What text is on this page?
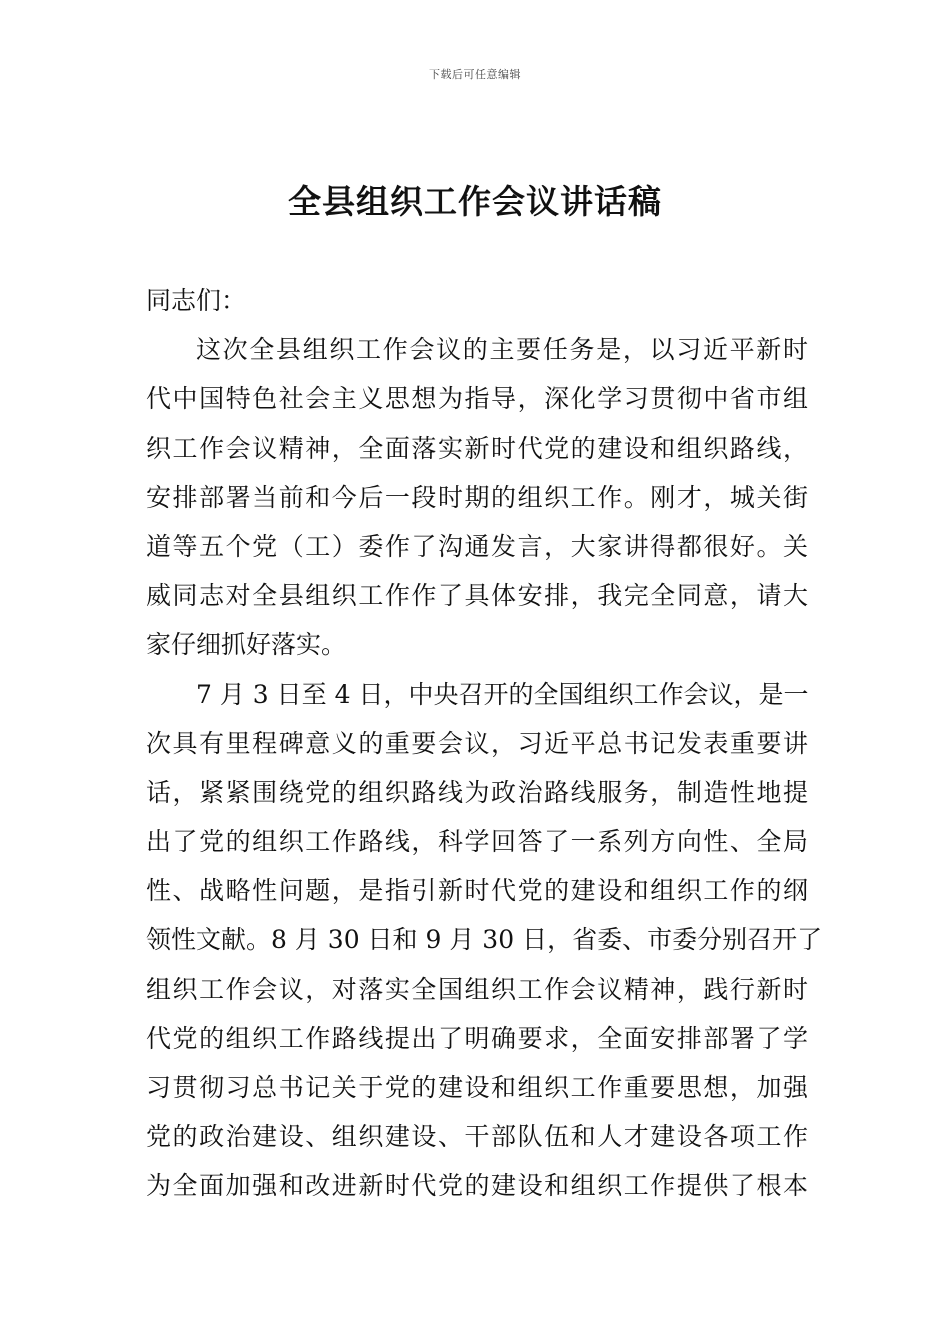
下载后可任意编辑
全县组织工作会议讲话稿
同志们：
这次全县组织工作会议的主要任务是，以习近平新时
代中国特色社会主义思想为指导，深化学习贯彻中省市组
织工作会议精神，全面落实新时代党的建设和组织路线，
安排部署当前和今后一段时期的组织工作。刚才，城关街
道等五个党（工）委作了沟通发言，大家讲得都很好。关
威同志对全县组织工作作了具体安排，我完全同意，请大
家仔细抓好落实。
7 月 3 日至 4 日，中央召开的全国组织工作会议，是一
次具有里程碑意义的重要会议，习近平总书记发表重要讲
话，紧紧围绕党的组织路线为政治路线服务，制造性地提
出了党的组织工作路线，科学回答了一系列方向性、全局
性、战略性问题，是指引新时代党的建设和组织工作的纲
领性文献。8 月 30 日和 9 月 30 日，省委、市委分别召开了
组织工作会议，对落实全国组织工作会议精神，践行新时
代党的组织工作路线提出了明确要求，全面安排部署了学
习贯彻习总书记关于党的建设和组织工作重要思想，加强
党的政治建设、组织建设、干部队伍和人才建设各项工作
为全面加强和改进新时代党的建设和组织工作提供了根本
